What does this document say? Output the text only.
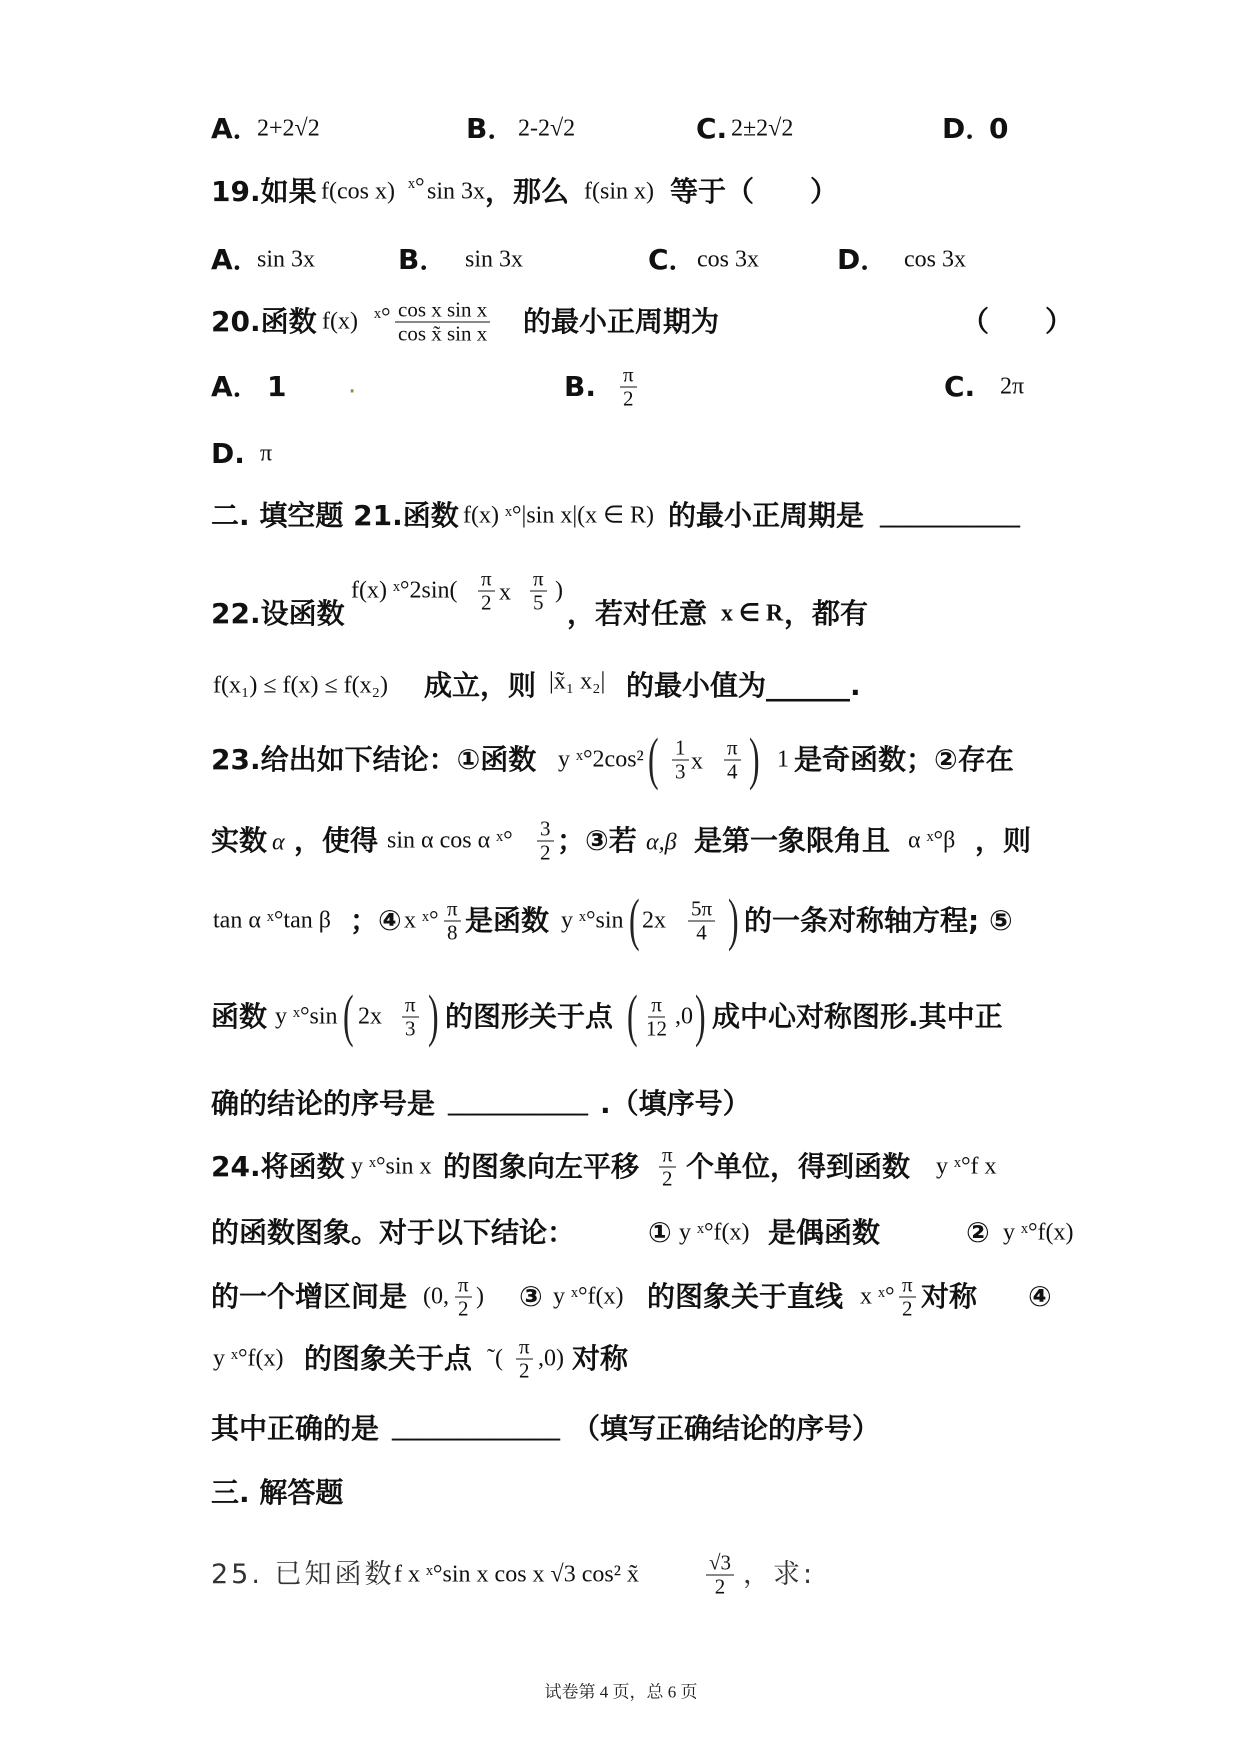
A．
2+2√2	B． 2-2√2	C. 2±2√2	D．
0
19.如果 f(cos x) ˣ° sin 3x ，那么 f(sin x) 等于（　　）
A．
sin 3x	B． sin 3x	C． cos 3x	D． cos 3x
20.函数 f(x) ˣ° $\frac{\text{cos x sin x}}{\text{cos x̃ sin x}}$ 的最小正周期为	（　　）
A． 1 .	B. $\frac{\pi}{2}$	C. 2π
D. π
二. 填空题 21.函数 f(x) ˣ°|sin x|(x ∈ R) 的最小正周期是 __________
22.设函数
f(x) ˣ°2sin( $\frac{\pi}{2}$ x $\frac{\pi}{5}$ )
，若对任意 x ∈ R ，都有
f(x₁) ≤ f(x) ≤ f(x₂) 成立，则 |x̃₁ x₂| 的最小值为______.
23.给出如下结论：①函数 y ˣ°2cos² ( $\frac{1}{3}$ x $\frac{\pi}{4}$ ) 1 是奇函数；②存在
实数 α ，使得 sin α cos α ˣ° $\frac{3}{2}$ ；③若 α,β 是第一象限角且 α ˣ°β ，则
tan α ˣ°tan β ；④ x ˣ° $\frac{\pi}{8}$ 是函数 y ˣ°sin ( $2x \frac{5\pi}{4}$ ) 的一条对称轴方程; ⑤
函数 y ˣ°sin ( $2x \frac{\pi}{3}$ ) 的图形关于点 ( $\frac{\pi}{12} ,0$ ) 成中心对称图形.其中正
确的结论的序号是 __________ .（填序号）
24.将函数 y ˣ°sin x 的图象向左平移 $\frac{\pi}{2}$ 个单位，得到函数 y ˣ°f x
的函数图象。对于以下结论：	① y ˣ°f(x) 是偶函数	② y ˣ°f(x)
的一个增区间是 (0, $\frac{\pi}{2}$ ) ③ y ˣ°f(x) 的图象关于直线 x ˣ° $\frac{\pi}{2}$ 对称 ④
y ˣ°f(x) 的图象关于点 ˜( $\frac{\pi}{2} ,0$) 对称
其中正确的是 ____________ （填写正确结论的序号）
三. 解答题
25. 已知函数 f x ˣ°sin x cos x √3 cos² x̃	$\frac{√3}{2}$ ，求:
试卷第 4 页，总 6 页
